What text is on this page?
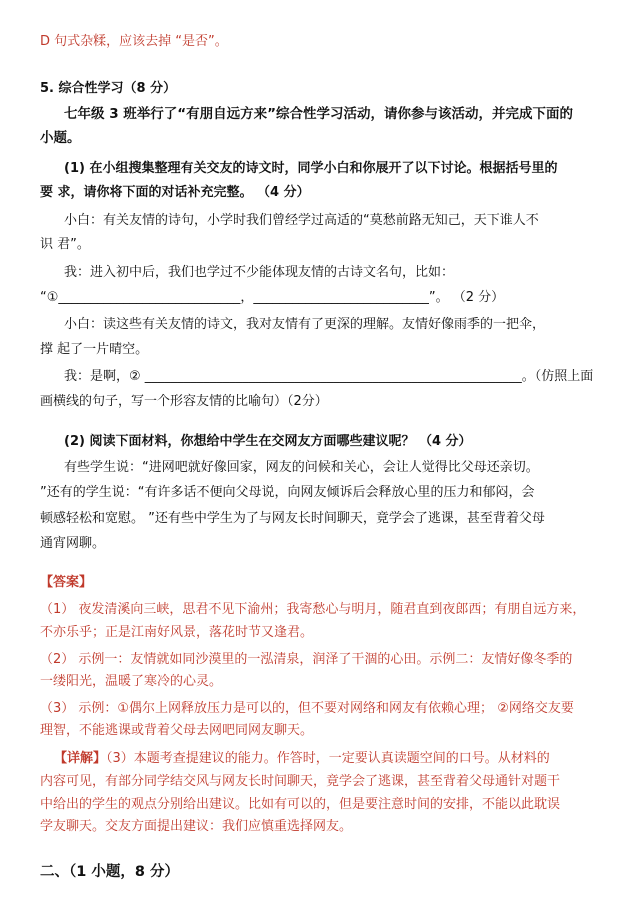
D 句式杂糅，应该去掉 “是否”。
5. 综合性学习（8 分）
七年级 3 班举行了“有朋自远方来”综合性学习活动，请你参与该活动，并完成下面的
小题。
(1) 在小组搜集整理有关交友的诗文时，同学小白和你展开了以下讨论。根据括号里的
要 求，请你将下面的对话补充完整。 （4 分）
小白：有关友情的诗句，小学时我们曾经学过高适的“莫愁前路无知己，天下谁人不
识 君”。
我：进入初中后，我们也学过不少能体现友情的古诗文名句，比如：
“①____________________________，___________________________”。 （2 分）
小白：读这些有关友情的诗文，我对友情有了更深的理解。友情好像雨季的一把伞，
撑 起了一片晴空。
我：是啊，② __________________________________________________________。（仿照上面
画横线的句子，写一个形容友情的比喻句）（2分）
(2) 阅读下面材料，你想给中学生在交网友方面哪些建议呢？ （4 分）
有些学生说：“进网吧就好像回家，网友的问候和关心，会让人觉得比父母还亲切。
”还有的学生说：“有许多话不便向父母说，向网友倾诉后会释放心里的压力和郁闷，会
顿感轻松和宽慰。 ”还有些中学生为了与网友长时间聊天，竟学会了逃课，甚至背着父母
通宵网聊。
【答案】
（1） 夜发清溪向三峡，思君不见下渝州；我寄愁心与明月，随君直到夜郎西；有朋自远方来，
不亦乐乎；正是江南好风景，落花时节又逢君。
（2） 示例一：友情就如同沙漠里的一泓清泉，润泽了干涸的心田。示例二：友情好像冬季的
一缕阳光，温暖了寒冷的心灵。
（3） 示例：①偶尔上网释放压力是可以的，但不要对网络和网友有依赖心理； ②网络交友要
理智，不能逃课或背着父母去网吧同网友聊天。
【详解】（3）本题考查提建议的能力。作答时，一定要认真读题空间的口号。从材料的
内容可见，有部分同学结交风与网友长时间聊天，竟学会了逃课，甚至背着父母通针对题干
中给出的学生的观点分别给出建议。比如有可以的，但是要注意时间的安排，不能以此耽误
学友聊天。交友方面提出建议：我们应慎重选择网友。
二、（1 小题，8 分）
